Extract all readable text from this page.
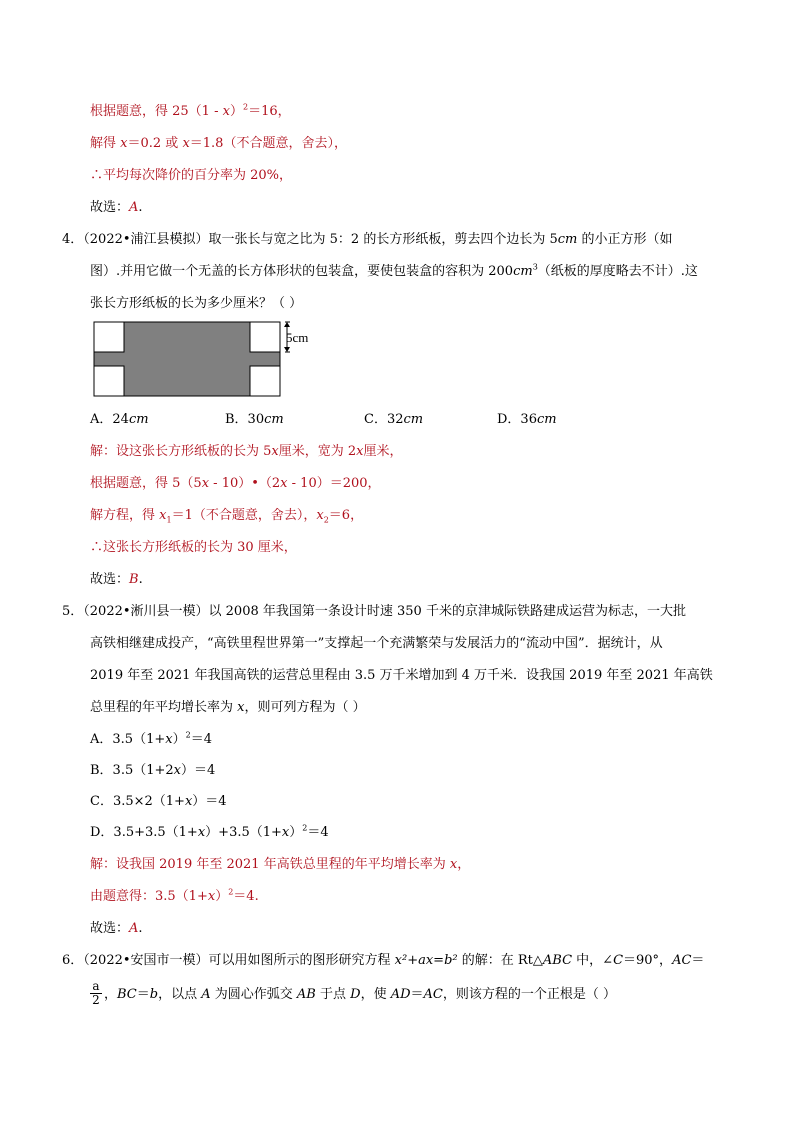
根据题意，得 25（1 - x）$^2$＝16，
解得 x＝0.2 或 x＝1.8（不合题意，舍去），
∴平均每次降价的百分率为 20%，
故选：A.
4．（2022•浦江县模拟）取一张长与宽之比为 5：2 的长方形纸板，剪去四个边长为 5cm 的小正方形（如
图）.并用它做一个无盖的长方体形状的包装盒，要使包装盒的容积为 $200cm^3$（纸板的厚度略去不计）.这
张长方形纸板的长为多少厘米？（ ）
5cm
A．24cm	B．30cm	C．32cm	D．36cm
解：设这张长方形纸板的长为 5x厘米，宽为 2x厘米，
根据题意，得 5（5x - 10）•（2x - 10）＝200，
解方程，得 $x_1=1$（不合题意，舍去），$x_2=6$，
∴这张长方形纸板的长为 30 厘米，
故选：B.
5．（2022•淅川县一模）以 2008 年我国第一条设计时速 350 千米的京津城际铁路建成运营为标志，一大批
高铁相继建成投产，“高铁里程世界第一”支撑起一个充满繁荣与发展活力的“流动中国”．据统计，从
2019 年至 2021 年我国高铁的运营总里程由 3.5 万千米增加到 4 万千米．设我国 2019 年至 2021 年高铁
总里程的年平均增长率为 x，则可列方程为（ ）
A．$3.5(1+x)^2=4$
B．3.5（1+2x）＝4
C．3.5×2（1+x）＝4
D．$3.5+3.5(1+x)+3.5(1+x)^2=4$
解：设我国 2019 年至 2021 年高铁总里程的年平均增长率为 x，
由题意得：$3.5(1+x)^2=4$.
故选：A.
6．（2022•安国市一模）可以用如图所示的图形研究方程 x²+ax=b² 的解：在 Rt△ABC 中，∠C＝90°，AC＝
$\frac{a}{2}$ ，BC＝b，以点 A 为圆心作弧交 AB 于点 D，使 AD＝AC，则该方程的一个正根是（ ）
